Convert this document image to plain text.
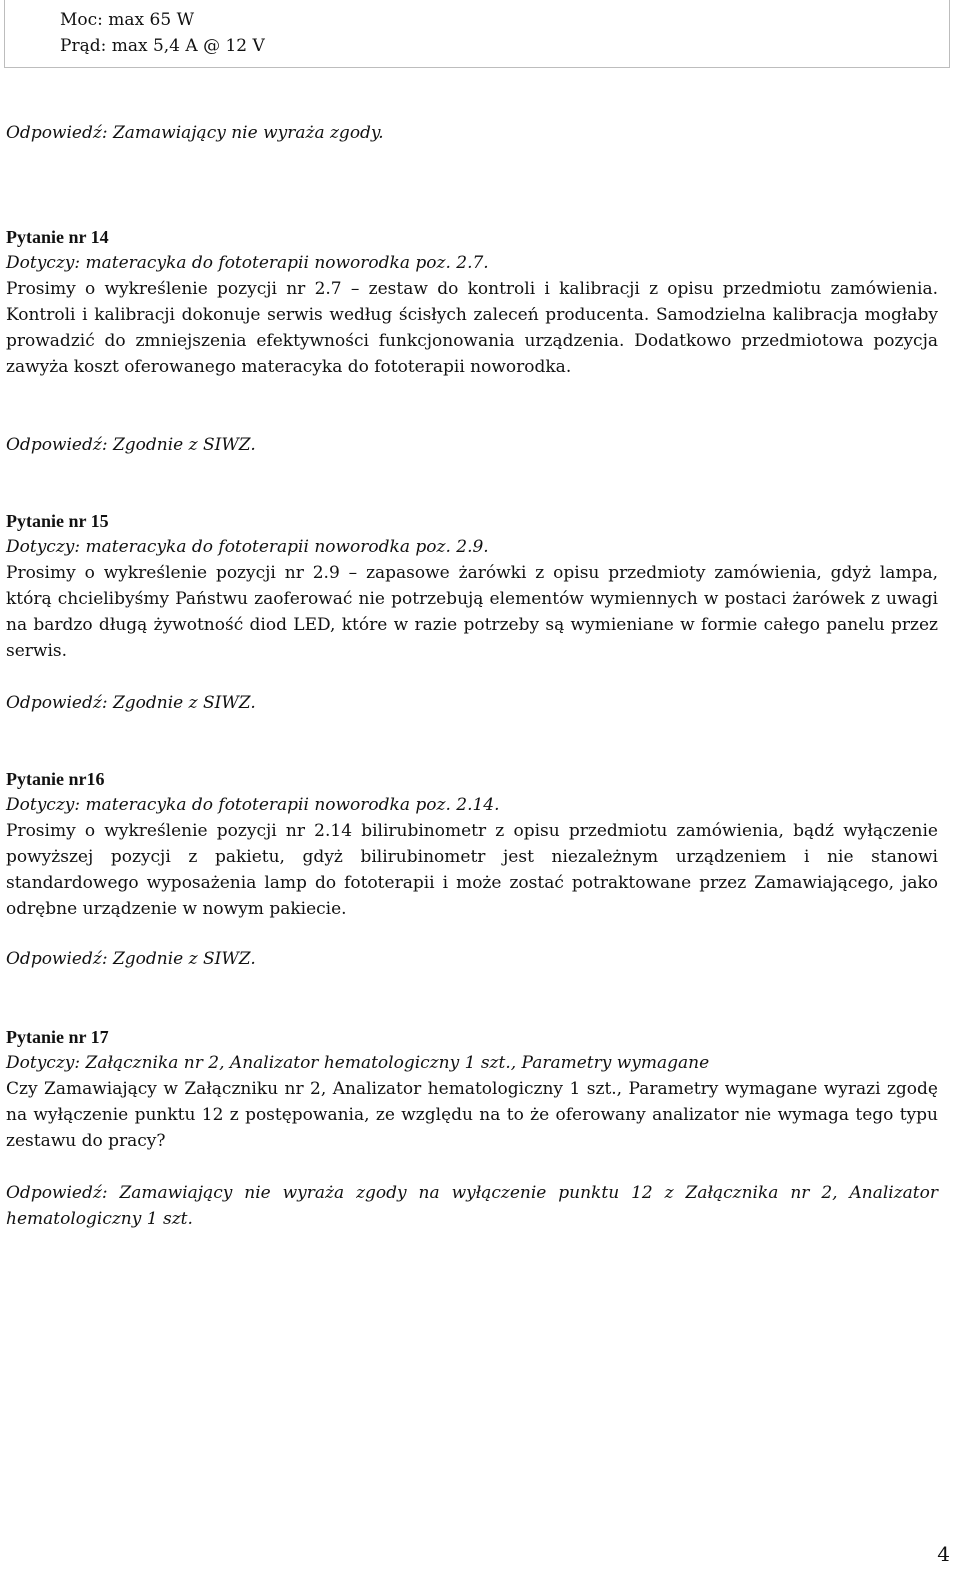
Moc: max 65 W
Prąd: max 5,4 A @ 12 V
Odpowiedź: Zamawiający nie wyraża zgody.
Pytanie nr 14
Dotyczy: materacyka do fototerapii noworodka poz. 2.7.
Prosimy o wykreślenie pozycji nr 2.7 – zestaw do kontroli i kalibracji z opisu przedmiotu zamówienia. Kontroli i kalibracji dokonuje serwis według ścisłych zaleceń producenta. Samodzielna kalibracja mogłaby prowadzić do zmniejszenia efektywności funkcjonowania urządzenia. Dodatkowo przedmiotowa pozycja zawyża koszt oferowanego materacyka do fototerapii noworodka.
Odpowiedź: Zgodnie z SIWZ.
Pytanie nr 15
Dotyczy: materacyka do fototerapii noworodka poz. 2.9.
Prosimy o wykreślenie pozycji nr 2.9 – zapasowe żarówki z opisu przedmioty zamówienia, gdyż lampa, którą chcielibyśmy Państwu zaoferować nie potrzebują elementów wymiennych w postaci żarówek z uwagi na bardzo długą żywotność diod LED, które w razie potrzeby są wymieniane w formie całego panelu przez serwis.
Odpowiedź: Zgodnie z SIWZ.
Pytanie nr16
Dotyczy: materacyka do fototerapii noworodka poz. 2.14.
Prosimy o wykreślenie pozycji nr 2.14 bilirubinometr z opisu przedmiotu zamówienia, bądź wyłączenie powyższej pozycji z pakietu, gdyż bilirubinometr jest niezależnym urządzeniem i nie stanowi standardowego wyposażenia lamp do fototerapii i może zostać potraktowane przez Zamawiającego, jako odrębne urządzenie w nowym pakiecie.
Odpowiedź: Zgodnie z SIWZ.
Pytanie nr 17
Dotyczy: Załącznika nr 2, Analizator hematologiczny 1 szt., Parametry wymagane
Czy Zamawiający w Załączniku nr 2, Analizator hematologiczny 1 szt., Parametry wymagane wyrazi zgodę na wyłączenie punktu 12 z postępowania, ze względu na to że oferowany analizator nie wymaga tego typu zestawu do pracy?
Odpowiedź: Zamawiający nie wyraża zgody na wyłączenie punktu 12 z Załącznika nr 2, Analizator hematologiczny 1 szt.
4
